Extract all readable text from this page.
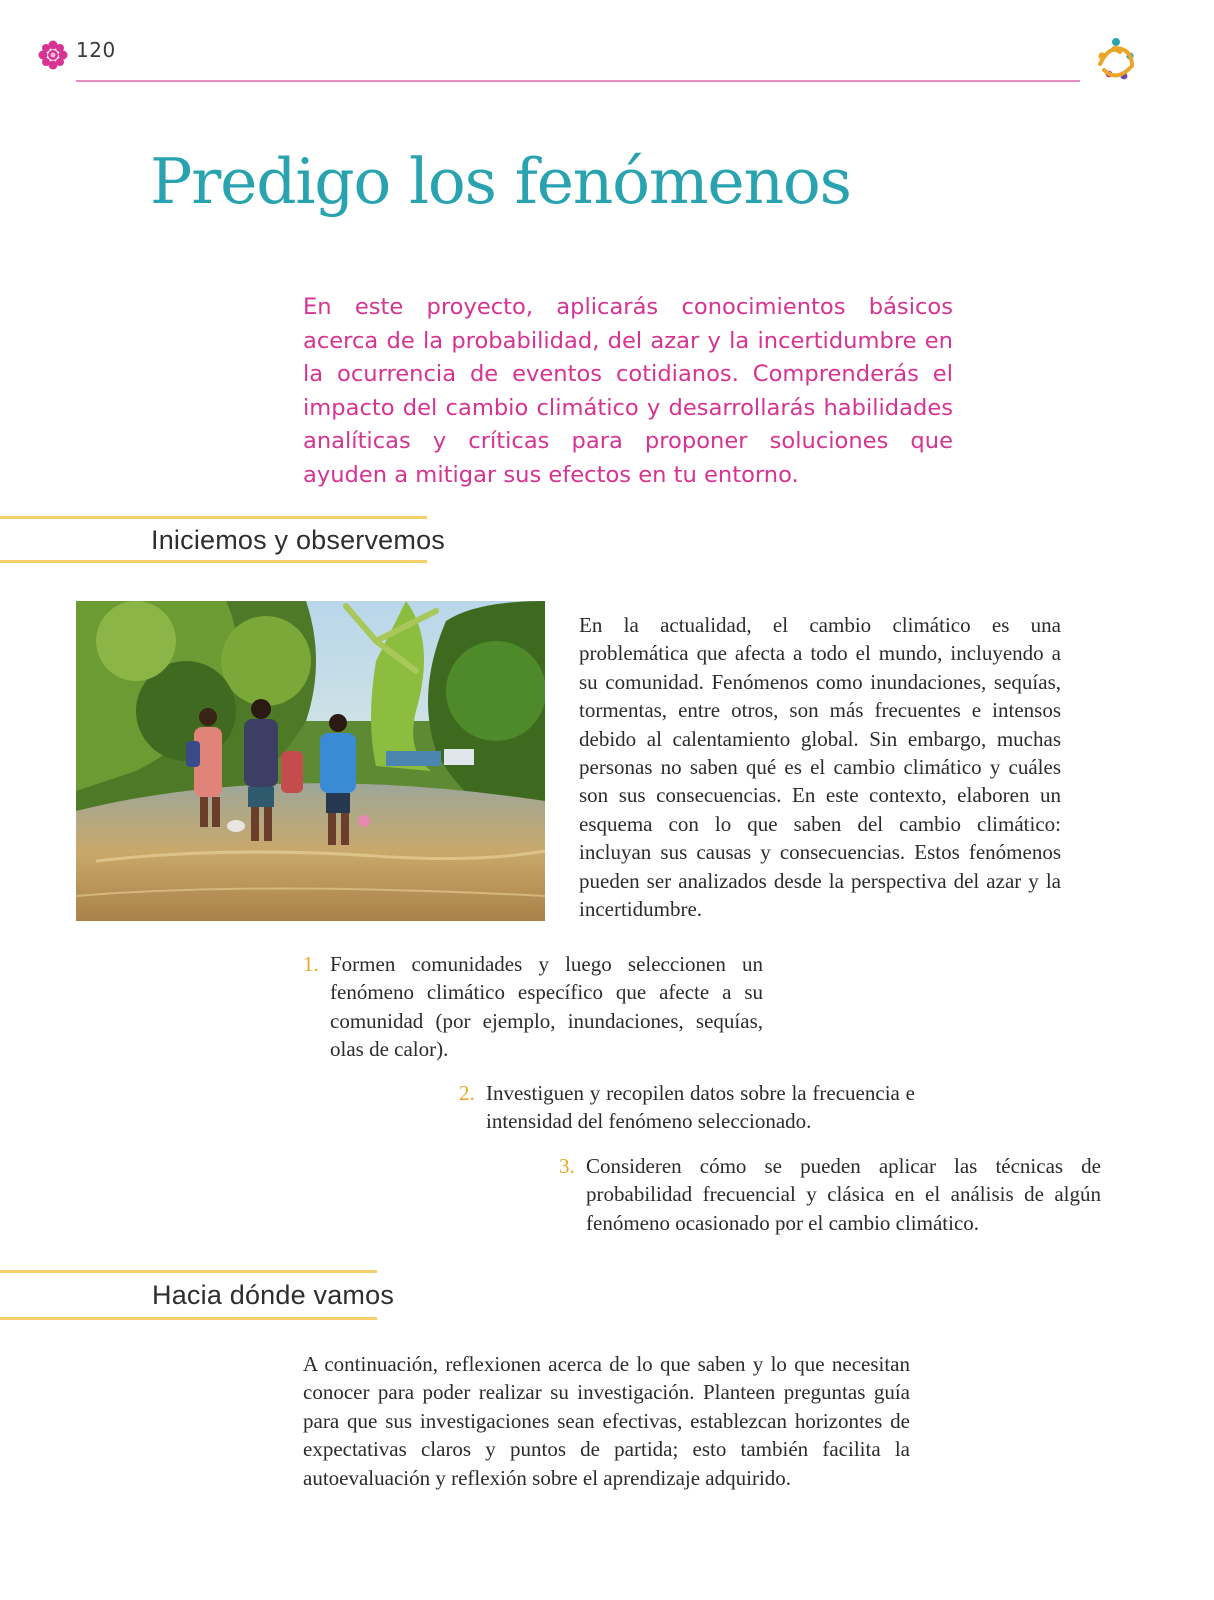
120
Predigo los fenómenos
En este proyecto, aplicarás conocimientos básicos acerca de la probabilidad, del azar y la incertidumbre en la ocurrencia de eventos cotidianos. Comprenderás el impacto del cambio climático y desarrollarás habilidades analíticas y críticas para proponer soluciones que ayuden a mitigar sus efectos en tu entorno.
Iniciemos y observemos
En la actualidad, el cambio climático es una problemática que afecta a todo el mundo, incluyendo a su comunidad. Fenómenos como inundaciones, sequías, tormentas, entre otros, son más frecuentes e intensos debido al calentamiento global. Sin embargo, muchas personas no saben qué es el cambio climático y cuáles son sus consecuencias. En este contexto, elaboren un esquema con lo que saben del cambio climático: incluyan sus causas y consecuencias. Estos fenómenos pueden ser analizados desde la perspectiva del azar y la incertidumbre.
1. Formen comunidades y luego seleccionen un fenómeno climático específico que afecte a su comunidad (por ejemplo, inundaciones, sequías, olas de calor).
2. Investiguen y recopilen datos sobre la frecuencia e intensidad del fenómeno seleccionado.
3. Consideren cómo se pueden aplicar las técnicas de probabilidad frecuencial y clásica en el análisis de algún fenómeno ocasionado por el cambio climático.
Hacia dónde vamos
A continuación, reflexionen acerca de lo que saben y lo que necesitan conocer para poder realizar su investigación. Planteen preguntas guía para que sus investigaciones sean efectivas, establezcan horizontes de expectativas claros y puntos de partida; esto también facilita la autoevaluación y reflexión sobre el aprendizaje adquirido.
